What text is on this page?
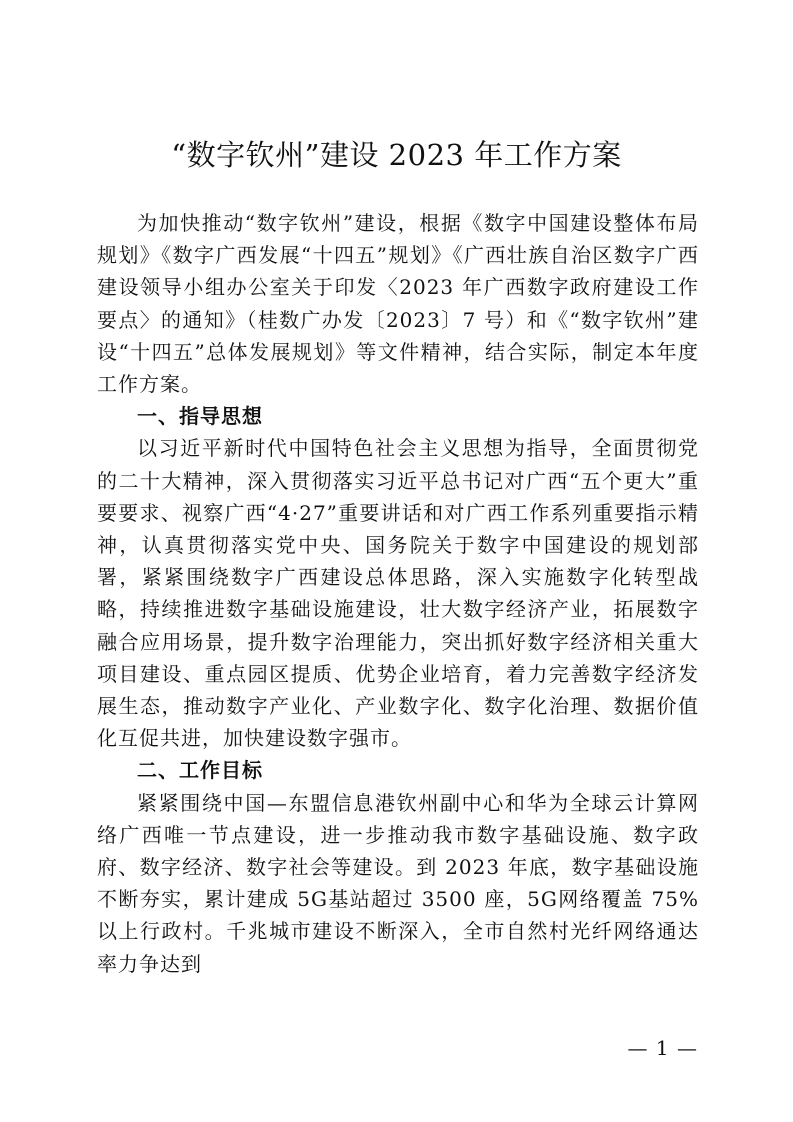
“数字钦州”建设 2023 年工作方案

为加快推动“数字钦州”建设，根据《数字中国建设整体布局规划》《数字广西发展“十四五”规划》《广西壮族自治区数字广西建设领导小组办公室关于印发〈2023 年广西数字政府建设工作要点〉的通知》（桂数广办发〔2023〕7 号）和《“数字钦州”建设“十四五”总体发展规划》等文件精神，结合实际，制定本年度工作方案。

一、指导思想

以习近平新时代中国特色社会主义思想为指导，全面贯彻党的二十大精神，深入贯彻落实习近平总书记对广西“五个更大”重要要求、视察广西“4·27”重要讲话和对广西工作系列重要指示精神，认真贯彻落实党中央、国务院关于数字中国建设的规划部署，紧紧围绕数字广西建设总体思路，深入实施数字化转型战略，持续推进数字基础设施建设，壮大数字经济产业，拓展数字融合应用场景，提升数字治理能力，突出抓好数字经济相关重大项目建设、重点园区提质、优势企业培育，着力完善数字经济发展生态，推动数字产业化、产业数字化、数字化治理、数据价值化互促共进，加快建设数字强市。

二、工作目标

紧紧围绕中国—东盟信息港钦州副中心和华为全球云计算网络广西唯一节点建设，进一步推动我市数字基础设施、数字政府、数字经济、数字社会等建设。到 2023 年底，数字基础设施不断夯实，累计建成 5G基站超过 3500 座，5G网络覆盖 75%以上行政村。千兆城市建设不断深入，全市自然村光纤网络通达率力争达到

— 1 —
